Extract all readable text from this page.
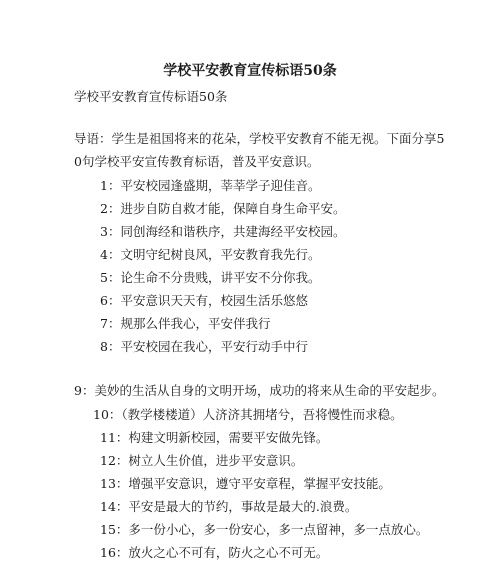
学校平安教育宣传标语50条
学校平安教育宣传标语50条
导语：学生是祖国将来的花朵，学校平安教育不能无视。下面分享5
0句学校平安宣传教育标语，普及平安意识。
1：平安校园逢盛期，莘莘学子迎佳音。
2：进步自防自救才能，保障自身生命平安。
3：同创海经和谐秩序，共建海经平安校园。
4：文明守纪树良风，平安教育我先行。
5：论生命不分贵贱，讲平安不分你我。
6：平安意识天天有，校园生活乐悠悠
7：规那么伴我心，平安伴我行
8：平安校园在我心，平安行动手中行
9：美妙的生活从自身的文明开场，成功的将来从生命的平安起步。
10：（教学楼楼道）人济济其拥堵兮，吾将慢性而求稳。
11：构建文明新校园，需要平安做先锋。
12：树立人生价值，进步平安意识。
13：增强平安意识，遵守平安章程，掌握平安技能。
14：平安是最大的节约，事故是最大的.浪费。
15：多一份小心，多一份安心，多一点留神，多一点放心。
16：放火之心不可有，防火之心不可无。
